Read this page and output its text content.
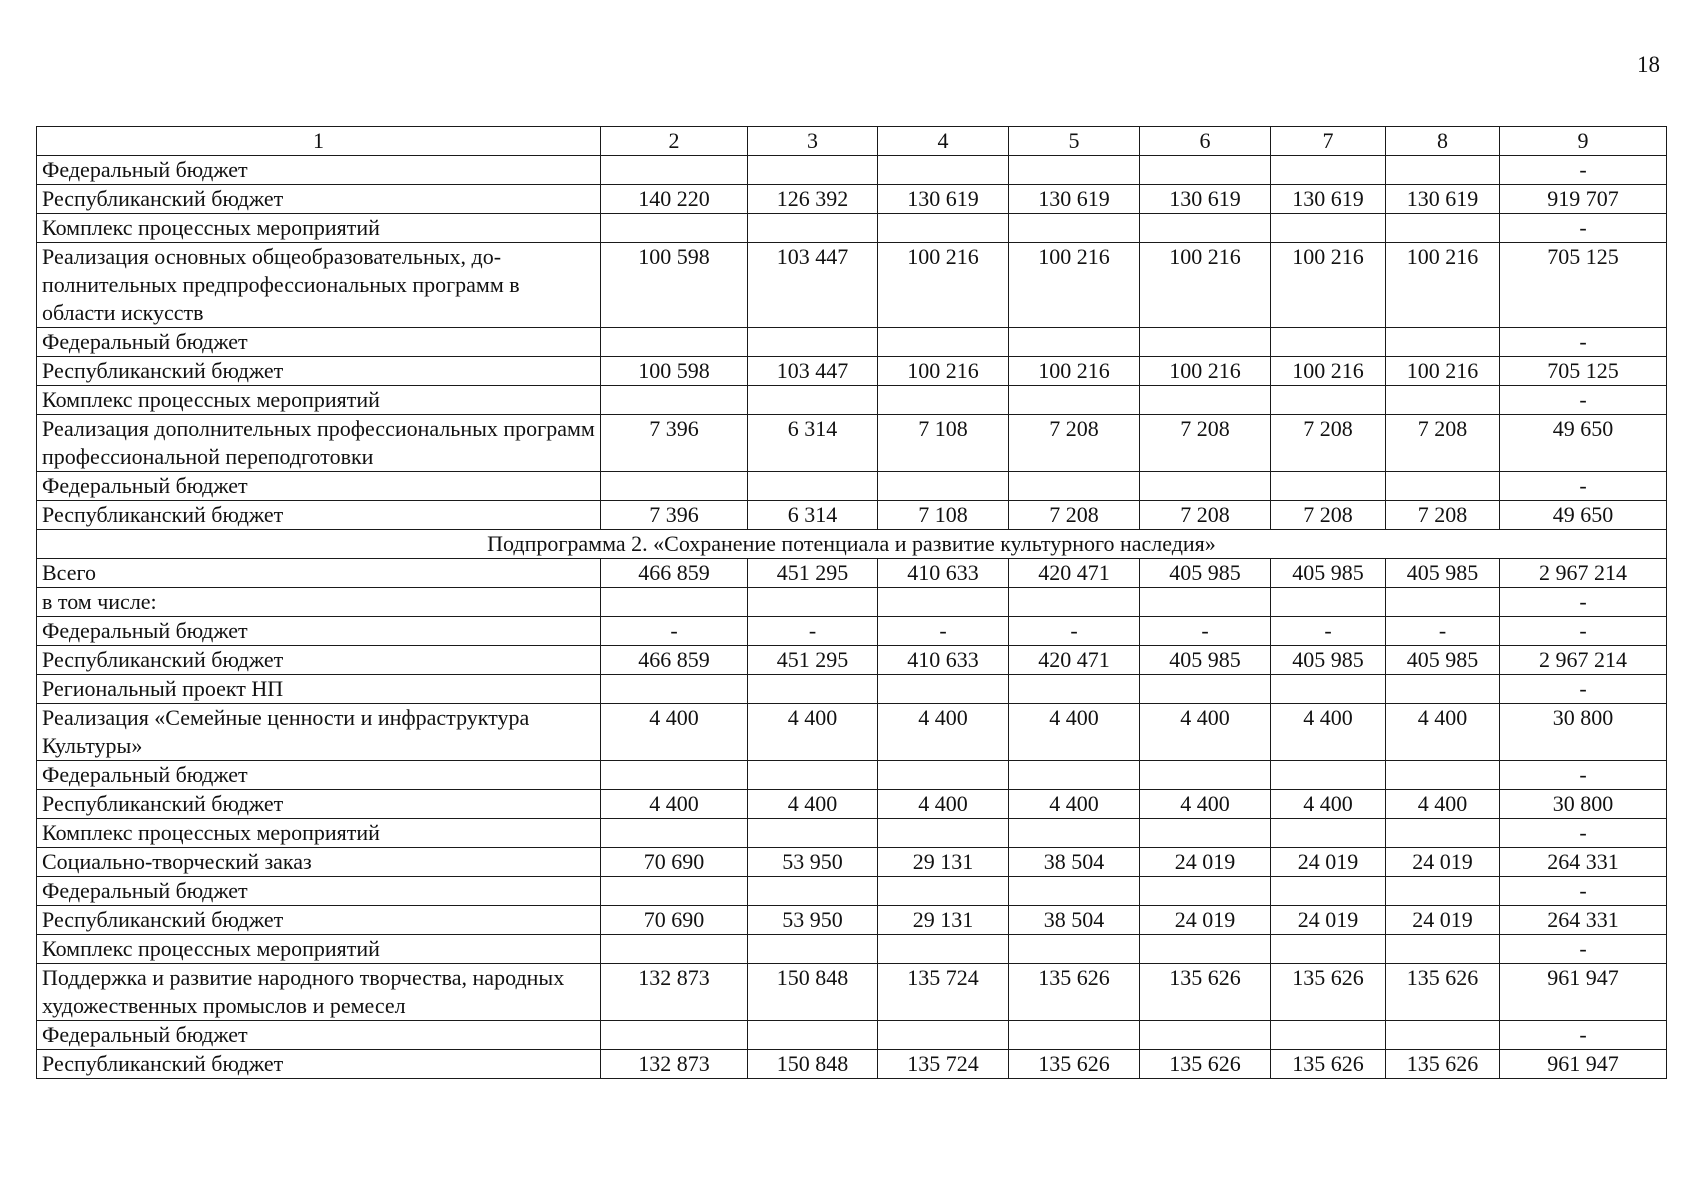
18
1	2	3	4	5	6	7	8	9
Федеральный бюджет								-
Республиканский бюджет	140 220	126 392	130 619	130 619	130 619	130 619	130 619	919 707
Комплекс процессных мероприятий								-
Реализация основных общеобразовательных, до-полнительных предпрофессиональных программ в области искусств	100 598	103 447	100 216	100 216	100 216	100 216	100 216	705 125
Федеральный бюджет								-
Республиканский бюджет	100 598	103 447	100 216	100 216	100 216	100 216	100 216	705 125
Комплекс процессных мероприятий								-
Реализация дополнительных профессиональных программ профессиональной переподготовки	7 396	6 314	7 108	7 208	7 208	7 208	7 208	49 650
Федеральный бюджет								-
Республиканский бюджет	7 396	6 314	7 108	7 208	7 208	7 208	7 208	49 650
Подпрограмма 2. «Сохранение потенциала и развитие культурного наследия»								
Всего	466 859	451 295	410 633	420 471	405 985	405 985	405 985	2 967 214
в том числе:								-
Федеральный бюджет	-	-	-	-	-	-	-	-
Республиканский бюджет	466 859	451 295	410 633	420 471	405 985	405 985	405 985	2 967 214
Региональный проект НП								-
Реализация «Семейные ценности и инфраструктура Культуры»	4 400	4 400	4 400	4 400	4 400	4 400	4 400	30 800
Федеральный бюджет								-
Республиканский бюджет	4 400	4 400	4 400	4 400	4 400	4 400	4 400	30 800
Комплекс процессных мероприятий								-
Социально-творческий заказ	70 690	53 950	29 131	38 504	24 019	24 019	24 019	264 331
Федеральный бюджет								-
Республиканский бюджет	70 690	53 950	29 131	38 504	24 019	24 019	24 019	264 331
Комплекс процессных мероприятий								-
Поддержка и развитие народного творчества, народных художественных промыслов и ремесел	132 873	150 848	135 724	135 626	135 626	135 626	135 626	961 947
Федеральный бюджет								-
Республиканский бюджет	132 873	150 848	135 724	135 626	135 626	135 626	135 626	961 947
